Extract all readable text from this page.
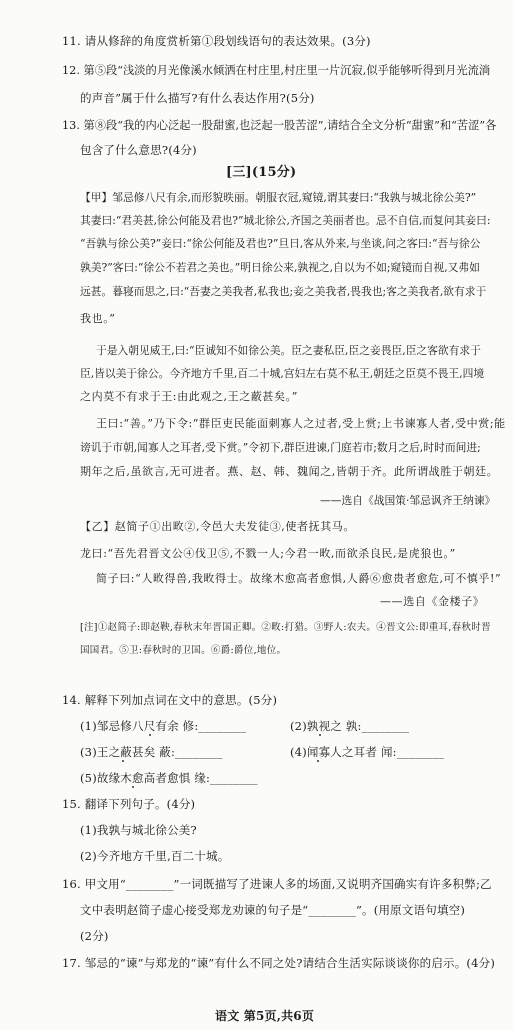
11. 请从修辞的角度赏析第①段划线语句的表达效果。(3分)
12. 第⑤段“浅淡的月光像溪水倾洒在村庄里,村庄里一片沉寂,似乎能够听得到月光流淌
的声音”属于什么描写?有什么表达作用?(5分)
13. 第⑧段“我的内心泛起一股甜蜜,也泛起一股苦涩”,请结合全文分析“甜蜜”和“苦涩”各
包含了什么意思?(4分)
[三](15分)
【甲】邹忌修八尺有余,而形貌昳丽。朝服衣冠,窥镜,谓其妻曰:“我孰与城北徐公美?”
其妻曰:“君美甚,徐公何能及君也?”城北徐公,齐国之美丽者也。忌不自信,而复问其妾曰:
“吾孰与徐公美?”妾曰:“徐公何能及君也?”旦日,客从外来,与坐谈,问之客曰:“吾与徐公
孰美?”客曰:“徐公不若君之美也。”明日徐公来,孰视之,自以为不如;窥镜而自视,又弗如
远甚。暮寝而思之,曰:“吾妻之美我者,私我也;妾之美我者,畏我也;客之美我者,欲有求于
我也。”
于是入朝见威王,曰:“臣诚知不如徐公美。臣之妻私臣,臣之妾畏臣,臣之客欲有求于
臣,皆以美于徐公。今齐地方千里,百二十城,宫妇左右莫不私王,朝廷之臣莫不畏王,四境
之内莫不有求于王:由此观之,王之蔽甚矣。”
王曰:“善。”乃下令:“群臣吏民能面刺寡人之过者,受上赏;上书谏寡人者,受中赏;能
谤讥于市朝,闻寡人之耳者,受下赏。”令初下,群臣进谏,门庭若市;数月之后,时时而间进;
期年之后,虽欲言,无可进者。燕、赵、韩、魏闻之,皆朝于齐。此所谓战胜于朝廷。
——选自《战国策·邹忌讽齐王纳谏》
【乙】赵简子①出畋②,令邑大夫发徒③,使者抚其马。
龙曰:“吾先君晋文公④伐卫⑤,不戮一人;今君一畋,而欲杀良民,是虎狼也。”
简子曰:“人畋得兽,我畋得士。故缘木愈高者愈惧,人爵⑥愈贵者愈危,可不慎乎!”
——选自《金楼子》
[注]①赵简子:即赵鞅,春秋末年晋国正卿。②畋:打猎。③野人:农夫。④晋文公:即重耳,春秋时晋
国国君。⑤卫:春秋时的卫国。⑥爵:爵位,地位。
14. 解释下列加点词在文中的意思。(5分)
(1)邹忌修八尺有余 修:________	(2)孰视之 孰:________
(3)王之蔽甚矣 蔽:________	(4)闻寡人之耳者 闻:________
(5)故缘木愈高者愈惧 缘:________
15. 翻译下列句子。(4分)
(1)我孰与城北徐公美?
(2)今齐地方千里,百二十城。
16. 甲文用“________”一词既描写了进谏人多的场面,又说明齐国确实有许多积弊;乙
文中表明赵简子虚心接受郑龙劝谏的句子是“________”。(用原文语句填空)
(2分)
17. 邹忌的“谏”与郑龙的“谏”有什么不同之处?请结合生活实际谈谈你的启示。(4分)
语文 第5页,共6页
